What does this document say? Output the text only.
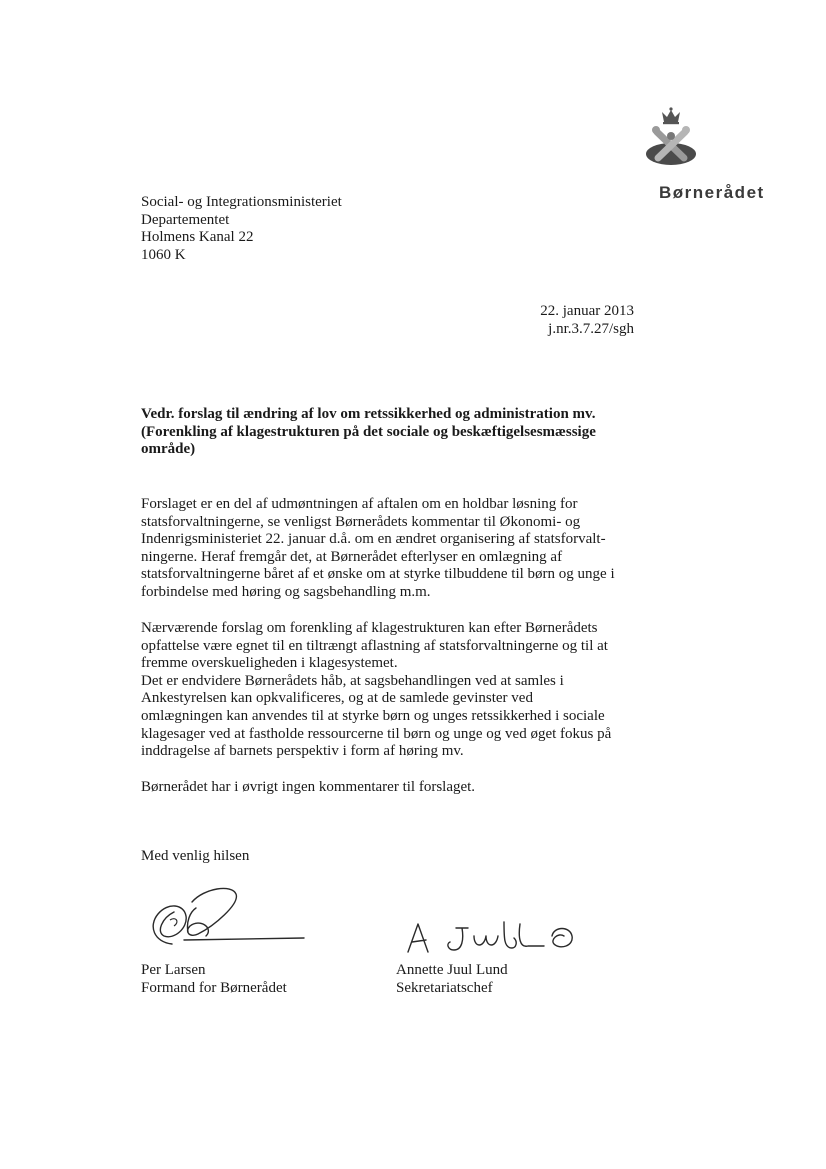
Børnerådet
Social- og Integrationsministeriet
Departementet
Holmens Kanal 22
1060 K
22. januar 2013
j.nr.3.7.27/sgh
Vedr. forslag til ændring af lov om retssikkerhed og administration mv.
(Forenkling af klagestrukturen på det sociale og beskæftigelsesmæssige
område)
Forslaget er en del af udmøntningen af aftalen om en holdbar løsning for
statsforvaltningerne, se venligst Børnerådets kommentar til Økonomi- og
Indenrigsministeriet 22. januar d.å. om en ændret organisering af statsforvalt-
ningerne. Heraf fremgår det, at Børnerådet efterlyser en omlægning af
statsforvaltningerne båret af et ønske om at styrke tilbuddene til børn og unge i
forbindelse med høring og sagsbehandling m.m.
Nærværende forslag om forenkling af klagestrukturen kan efter Børnerådets
opfattelse være egnet til en tiltrængt aflastning af statsforvaltningerne og til at
fremme overskueligheden i klagesystemet.
Det er endvidere Børnerådets håb, at sagsbehandlingen ved at samles i
Ankestyrelsen kan opkvalificeres, og at de samlede gevinster ved
omlægningen kan anvendes til at styrke børn og unges retssikkerhed i sociale
klagesager ved at fastholde ressourcerne til børn og unge og ved øget fokus på
inddragelse af barnets perspektiv i form af høring mv.
Børnerådet har i øvrigt ingen kommentarer til forslaget.
Med venlig hilsen
Per Larsen
Formand for Børnerådet
Annette Juul Lund
Sekretariatschef
